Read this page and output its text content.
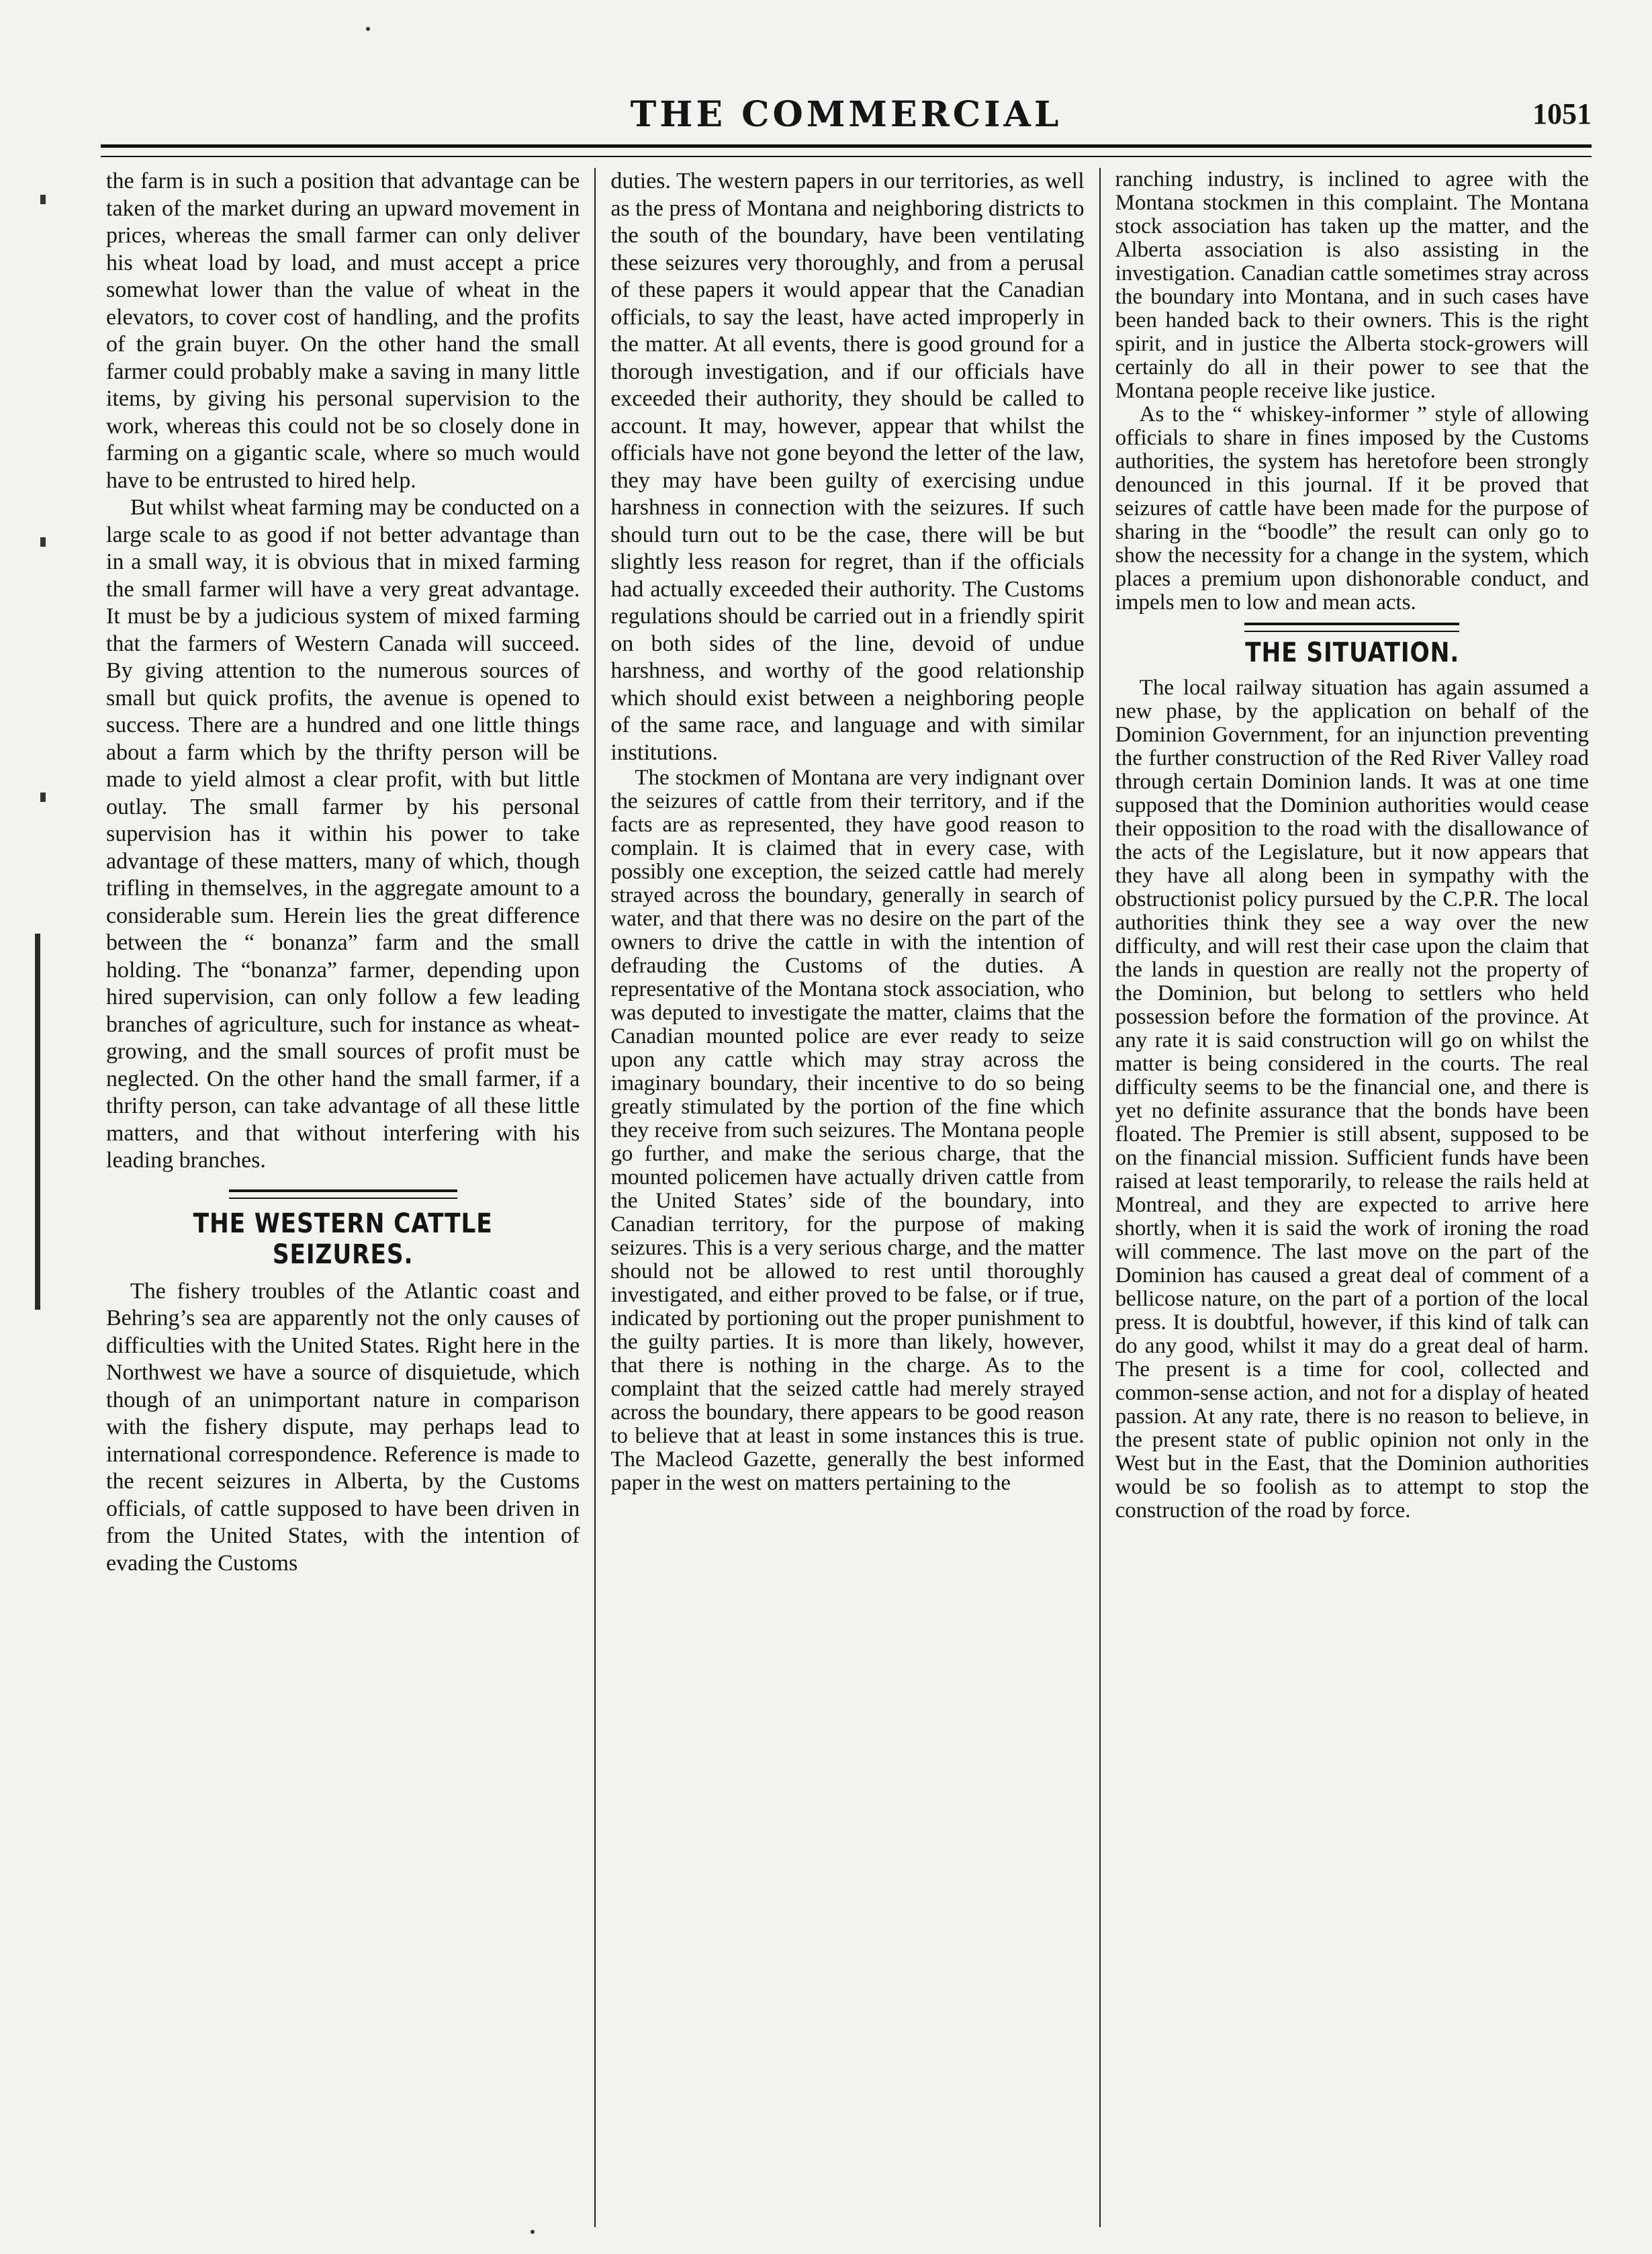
THE COMMERCIAL	1051

the farm is in such a position that advantage can be taken of the market during an upward movement in prices, whereas the small farmer can only deliver his wheat load by load, and must accept a price somewhat lower than the value of wheat in the elevators, to cover cost of handling, and the profits of the grain buyer. On the other hand the small farmer could probably make a saving in many little items, by giving his personal supervision to the work, whereas this could not be so closely done in farming on a gigantic scale, where so much would have to be entrusted to hired help.

But whilst wheat farming may be conducted on a large scale to as good if not better advantage than in a small way, it is obvious that in mixed farming the small farmer will have a very great advantage. It must be by a judicious system of mixed farming that the farmers of Western Canada will succeed. By giving attention to the numerous sources of small but quick profits, the avenue is opened to success. There are a hundred and one little things about a farm which by the thrifty person will be made to yield almost a clear profit, with but little outlay. The small farmer by his personal supervision has it within his power to take advantage of these matters, many of which, though trifling in themselves, in the aggregate amount to a considerable sum. Herein lies the great difference between the “ bonanza” farm and the small holding. The “bonanza” farmer, depending upon hired supervision, can only follow a few leading branches of agriculture, such for instance as wheat-growing, and the small sources of profit must be neglected. On the other hand the small farmer, if a thrifty person, can take advantage of all these little matters, and that without interfering with his leading branches.

THE WESTERN CATTLE SEIZURES.

The fishery troubles of the Atlantic coast and Behring’s sea are apparently not the only causes of difficulties with the United States. Right here in the Northwest we have a source of disquietude, which though of an unimportant nature in comparison with the fishery dispute, may perhaps lead to international correspondence. Reference is made to the recent seizures in Alberta, by the Customs officials, of cattle supposed to have been driven in from the United States, with the intention of evading the Customs

duties. The western papers in our territories, as well as the press of Montana and neighboring districts to the south of the boundary, have been ventilating these seizures very thoroughly, and from a perusal of these papers it would appear that the Canadian officials, to say the least, have acted improperly in the matter. At all events, there is good ground for a thorough investigation, and if our officials have exceeded their authority, they should be called to account. It may, however, appear that whilst the officials have not gone beyond the letter of the law, they may have been guilty of exercising undue harshness in connection with the seizures. If such should turn out to be the case, there will be but slightly less reason for regret, than if the officials had actually exceeded their authority. The Customs regulations should be carried out in a friendly spirit on both sides of the line, devoid of undue harshness, and worthy of the good relationship which should exist between a neighboring people of the same race, and language and with similar institutions.

The stockmen of Montana are very indignant over the seizures of cattle from their territory, and if the facts are as represented, they have good reason to complain. It is claimed that in every case, with possibly one exception, the seized cattle had merely strayed across the boundary, generally in search of water, and that there was no desire on the part of the owners to drive the cattle in with the intention of defrauding the Customs of the duties. A representative of the Montana stock association, who was deputed to investigate the matter, claims that the Canadian mounted police are ever ready to seize upon any cattle which may stray across the imaginary boundary, their incentive to do so being greatly stimulated by the portion of the fine which they receive from such seizures. The Montana people go further, and make the serious charge, that the mounted policemen have actually driven cattle from the United States’ side of the boundary, into Canadian territory, for the purpose of making seizures. This is a very serious charge, and the matter should not be allowed to rest until thoroughly investigated, and either proved to be false, or if true, indicated by portioning out the proper punishment to the guilty parties. It is more than likely, however, that there is nothing in the charge. As to the complaint that the seized cattle had merely strayed across the boundary, there appears to be good reason to believe that at least in some instances this is true. The Macleod Gazette, generally the best informed paper in the west on matters pertaining to the

ranching industry, is inclined to agree with the Montana stockmen in this complaint. The Montana stock association has taken up the matter, and the Alberta association is also assisting in the investigation. Canadian cattle sometimes stray across the boundary into Montana, and in such cases have been handed back to their owners. This is the right spirit, and in justice the Alberta stock-growers will certainly do all in their power to see that the Montana people receive like justice.

As to the “ whiskey-informer ” style of allowing officials to share in fines imposed by the Customs authorities, the system has heretofore been strongly denounced in this journal. If it be proved that seizures of cattle have been made for the purpose of sharing in the “boodle” the result can only go to show the necessity for a change in the system, which places a premium upon dishonorable conduct, and impels men to low and mean acts.

THE SITUATION.

The local railway situation has again assumed a new phase, by the application on behalf of the Dominion Government, for an injunction preventing the further construction of the Red River Valley road through certain Dominion lands. It was at one time supposed that the Dominion authorities would cease their opposition to the road with the disallowance of the acts of the Legislature, but it now appears that they have all along been in sympathy with the obstructionist policy pursued by the C.P.R. The local authorities think they see a way over the new difficulty, and will rest their case upon the claim that the lands in question are really not the property of the Dominion, but belong to settlers who held possession before the formation of the province. At any rate it is said construction will go on whilst the matter is being considered in the courts. The real difficulty seems to be the financial one, and there is yet no definite assurance that the bonds have been floated. The Premier is still absent, supposed to be on the financial mission. Sufficient funds have been raised at least temporarily, to release the rails held at Montreal, and they are expected to arrive here shortly, when it is said the work of ironing the road will commence. The last move on the part of the Dominion has caused a great deal of comment of a bellicose nature, on the part of a portion of the local press. It is doubtful, however, if this kind of talk can do any good, whilst it may do a great deal of harm. The present is a time for cool, collected and common-sense action, and not for a display of heated passion. At any rate, there is no reason to believe, in the present state of public opinion not only in the West but in the East, that the Dominion authorities would be so foolish as to attempt to stop the construction of the road by force.
